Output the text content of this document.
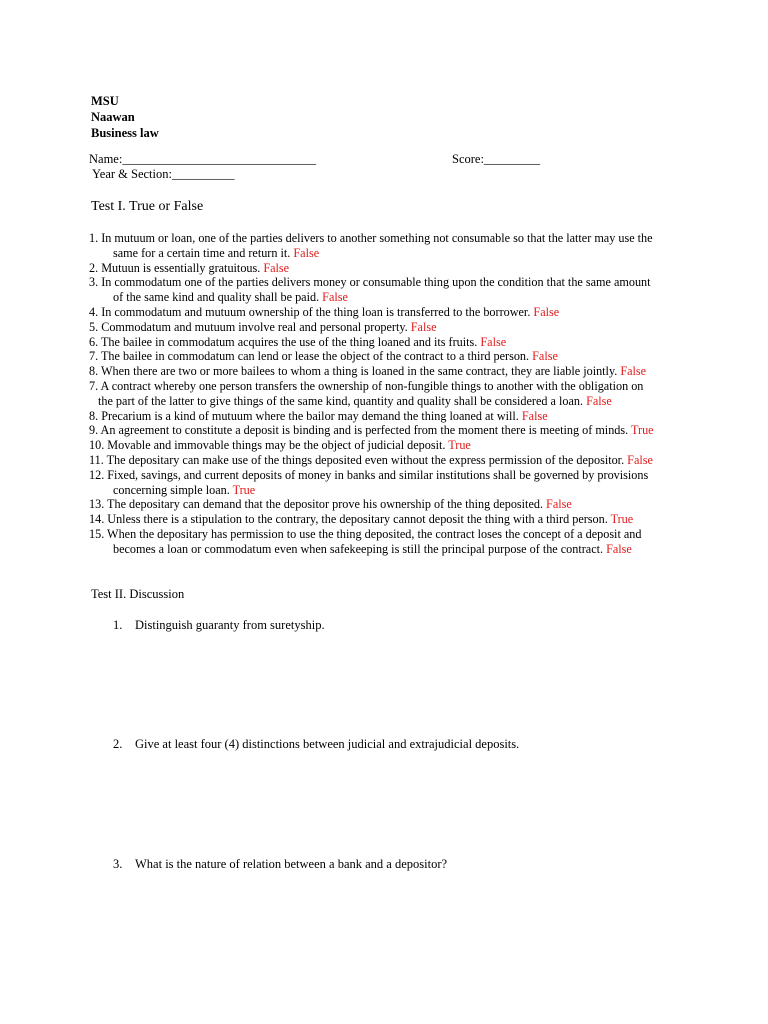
MSU
Naawan
Business law
Name:_______________________________	Score:_________
Year & Section:__________
Test I. True or False
1. In mutuum or loan, one of the parties delivers to another something not consumable so that the latter may use the
same for a certain time and return it. False
2. Mutuun is essentially gratuitous. False
3. In commodatum one of the parties delivers money or consumable thing upon the condition that the same amount
of the same kind and quality shall be paid. False
4. In commodatum and mutuum ownership of the thing loan is transferred to the borrower. False
5. Commodatum and mutuum involve real and personal property. False
6. The bailee in commodatum acquires the use of the thing loaned and its fruits. False
7. The bailee in commodatum can lend or lease the object of the contract to a third person. False
8. When there are two or more bailees to whom a thing is loaned in the same contract, they are liable jointly. False
7. A contract whereby one person transfers the ownership of non-fungible things to another with the obligation on
the part of the latter to give things of the same kind, quantity and quality shall be considered a loan. False
8. Precarium is a kind of mutuum where the bailor may demand the thing loaned at will. False
9. An agreement to constitute a deposit is binding and is perfected from the moment there is meeting of minds. True
10. Movable and immovable things may be the object of judicial deposit. True
11. The depositary can make use of the things deposited even without the express permission of the depositor. False
12. Fixed, savings, and current deposits of money in banks and similar institutions shall be governed by provisions
concerning simple loan. True
13. The depositary can demand that the depositor prove his ownership of the thing deposited. False
14. Unless there is a stipulation to the contrary, the depositary cannot deposit the thing with a third person. True
15. When the depositary has permission to use the thing deposited, the contract loses the concept of a deposit and
becomes a loan or commodatum even when safekeeping is still the principal purpose of the contract. False
Test II. Discussion
1. Distinguish guaranty from suretyship.
2. Give at least four (4) distinctions between judicial and extrajudicial deposits.
3. What is the nature of relation between a bank and a depositor?
